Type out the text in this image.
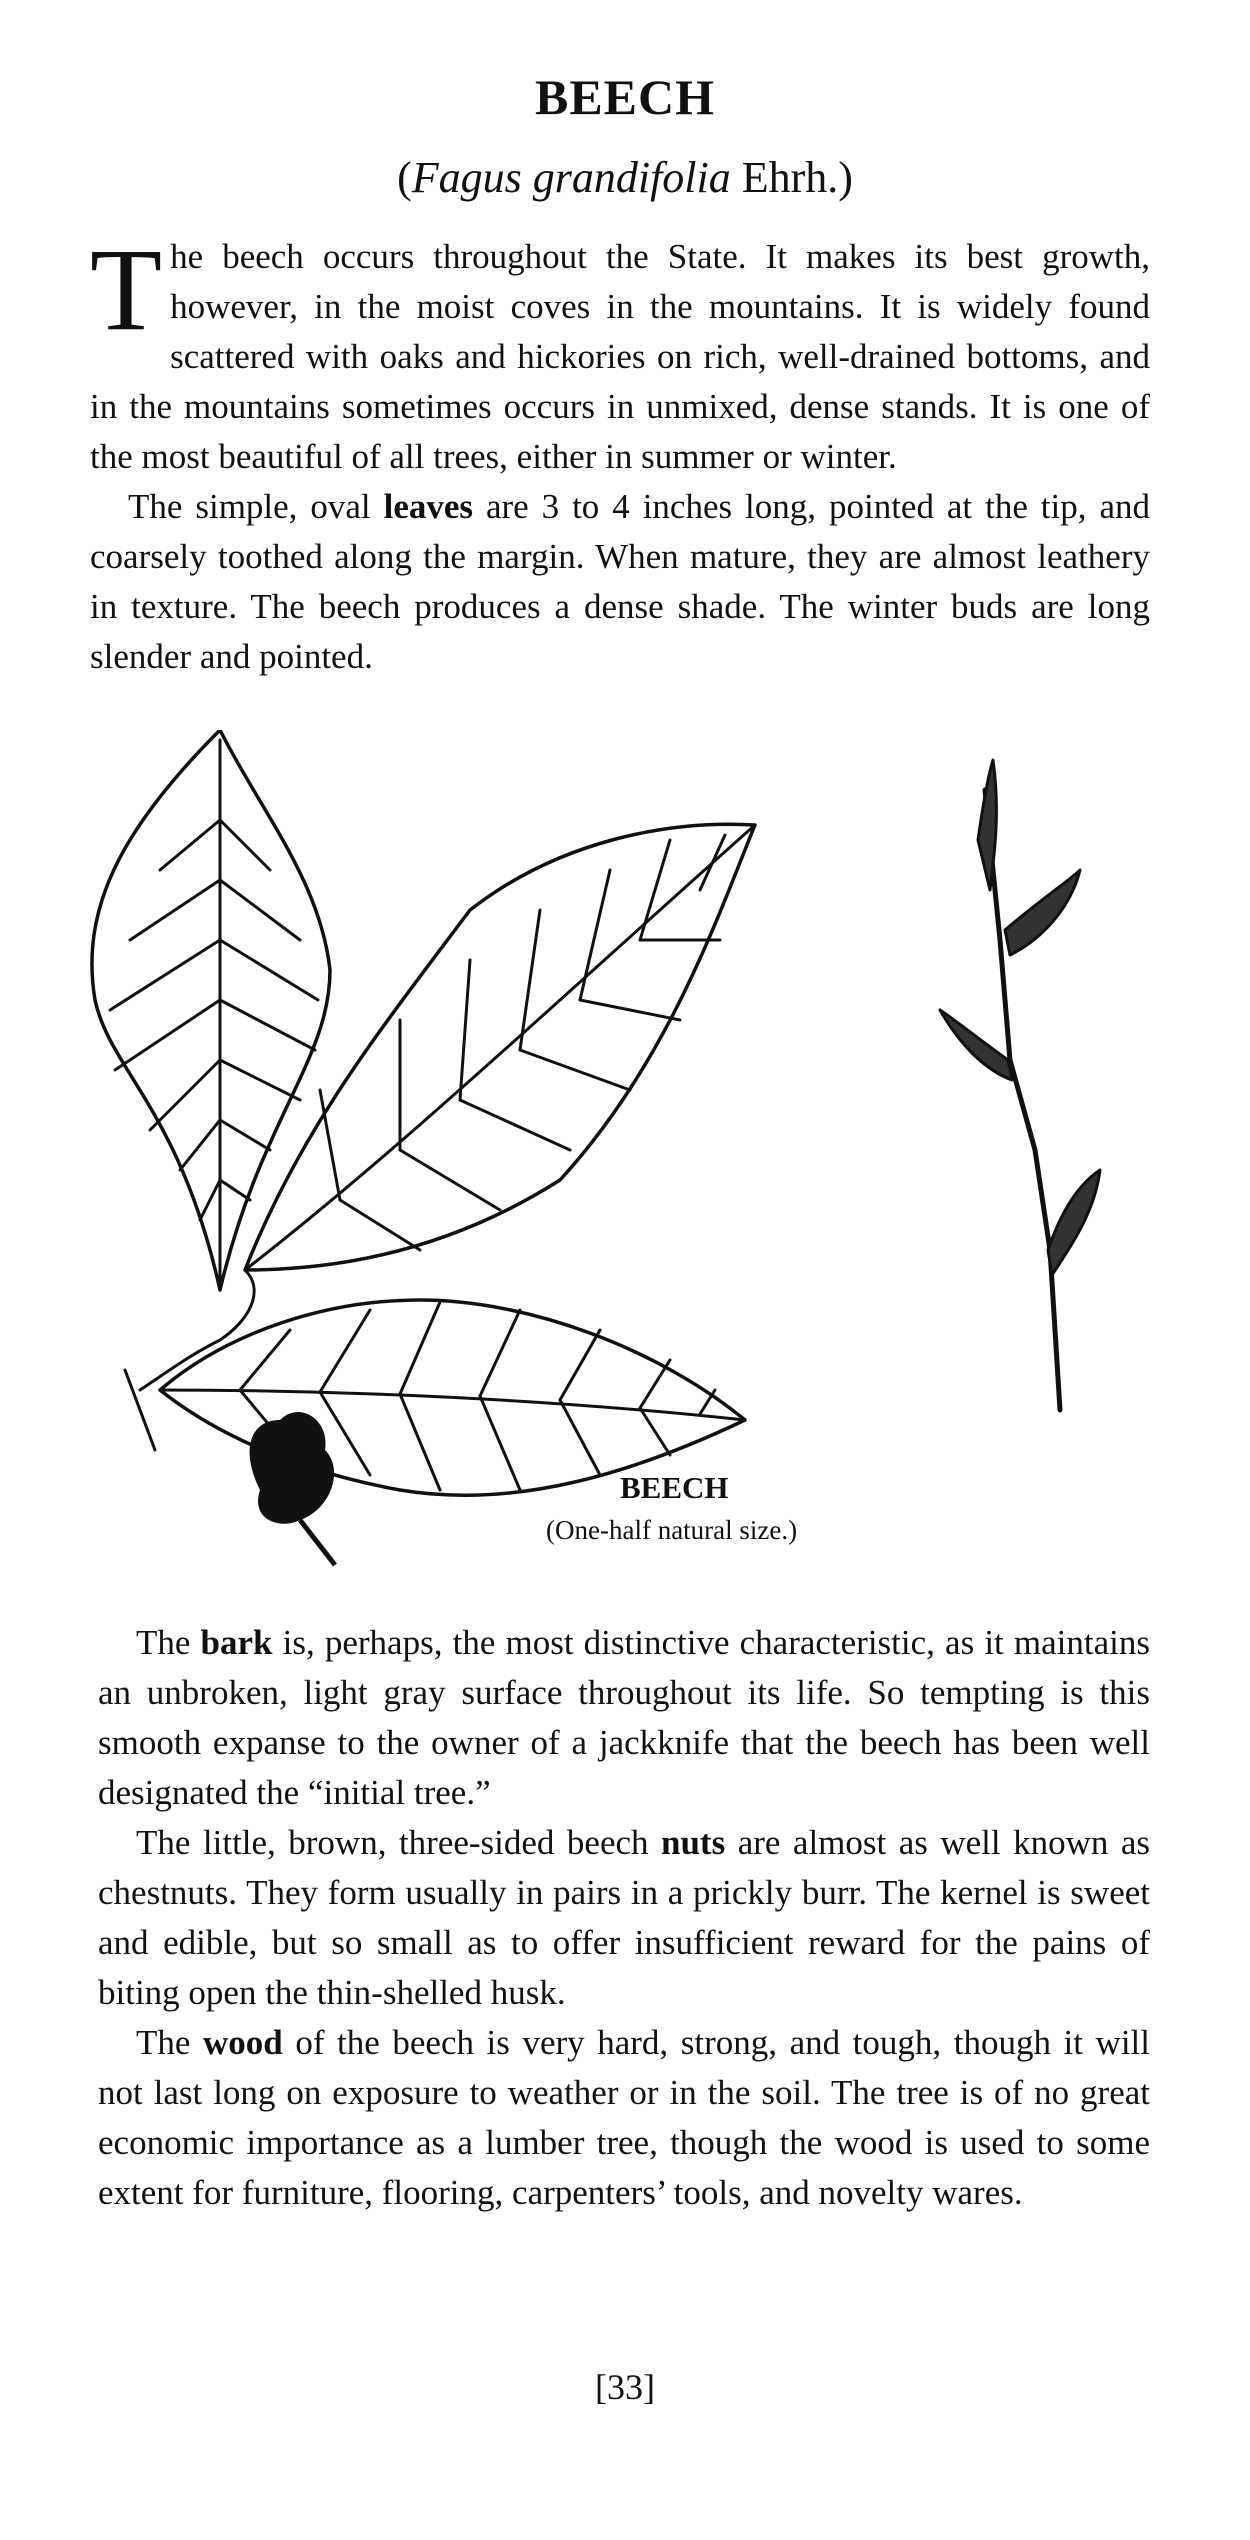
BEECH
(Fagus grandifolia Ehrh.)

The beech occurs throughout the State. It makes its best growth, however, in the moist coves in the mountains. It is widely found scattered with oaks and hickories on rich, well-drained bottoms, and in the mountains sometimes occurs in unmixed, dense stands. It is one of the most beautiful of all trees, either in summer or winter.

The simple, oval leaves are 3 to 4 inches long, pointed at the tip, and coarsely toothed along the margin. When mature, they are almost leathery in texture. The beech produces a dense shade. The winter buds are long slender and pointed.

BEECH
(One-half natural size.)

The bark is, perhaps, the most distinctive characteristic, as it maintains an unbroken, light gray surface throughout its life. So tempting is this smooth expanse to the owner of a jackknife that the beech has been well designated the “initial tree.”

The little, brown, three-sided beech nuts are almost as well known as chestnuts. They form usually in pairs in a prickly burr. The kernel is sweet and edible, but so small as to offer insufficient reward for the pains of biting open the thin-shelled husk.

The wood of the beech is very hard, strong, and tough, though it will not last long on exposure to weather or in the soil. The tree is of no great economic importance as a lumber tree, though the wood is used to some extent for furniture, flooring, carpenters’ tools, and novelty wares.

[33]
